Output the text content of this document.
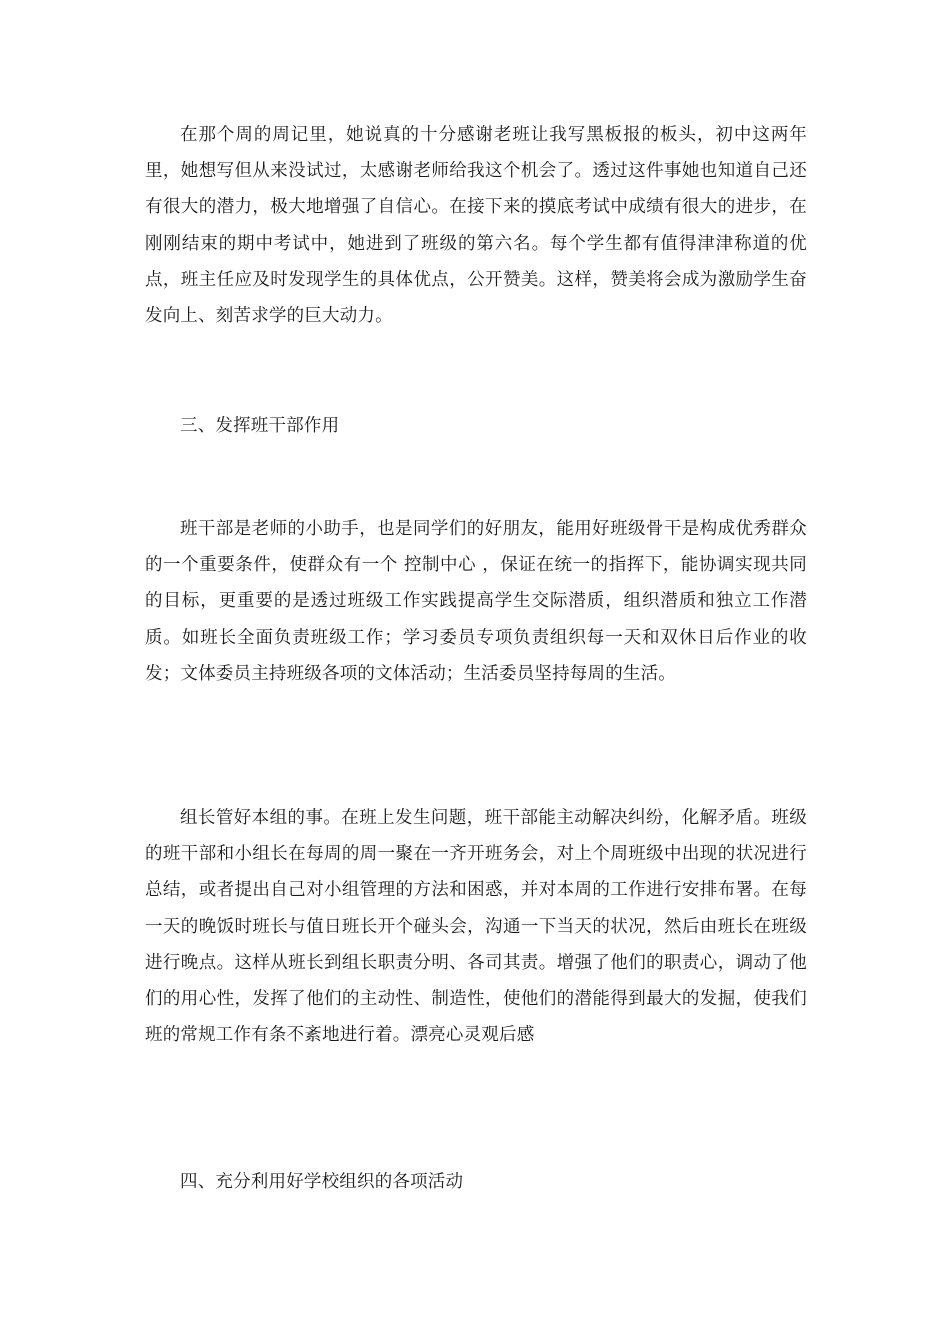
在那个周的周记里，她说真的十分感谢老班让我写黑板报的板头，初中这两年里，她想写但从来没试过，太感谢老师给我这个机会了。透过这件事她也知道自己还有很大的潜力，极大地增强了自信心。在接下来的摸底考试中成绩有很大的进步，在刚刚结束的期中考试中，她进到了班级的第六名。每个学生都有值得津津称道的优点，班主任应及时发现学生的具体优点，公开赞美。这样，赞美将会成为激励学生奋发向上、刻苦求学的巨大动力。

三、发挥班干部作用

班干部是老师的小助手，也是同学们的好朋友，能用好班级骨干是构成优秀群众的一个重要条件，使群众有一个 控制中心 ，保证在统一的指挥下，能协调实现共同的目标，更重要的是透过班级工作实践提高学生交际潜质，组织潜质和独立工作潜质。如班长全面负责班级工作；学习委员专项负责组织每一天和双休日后作业的收发；文体委员主持班级各项的文体活动；生活委员坚持每周的生活。

组长管好本组的事。在班上发生问题，班干部能主动解决纠纷，化解矛盾。班级的班干部和小组长在每周的周一聚在一齐开班务会，对上个周班级中出现的状况进行总结，或者提出自己对小组管理的方法和困惑，并对本周的工作进行安排布署。在每一天的晚饭时班长与值日班长开个碰头会，沟通一下当天的状况，然后由班长在班级进行晚点。这样从班长到组长职责分明、各司其责。增强了他们的职责心，调动了他们的用心性，发挥了他们的主动性、制造性，使他们的潜能得到最大的发掘，使我们班的常规工作有条不紊地进行着。漂亮心灵观后感

四、充分利用好学校组织的各项活动
